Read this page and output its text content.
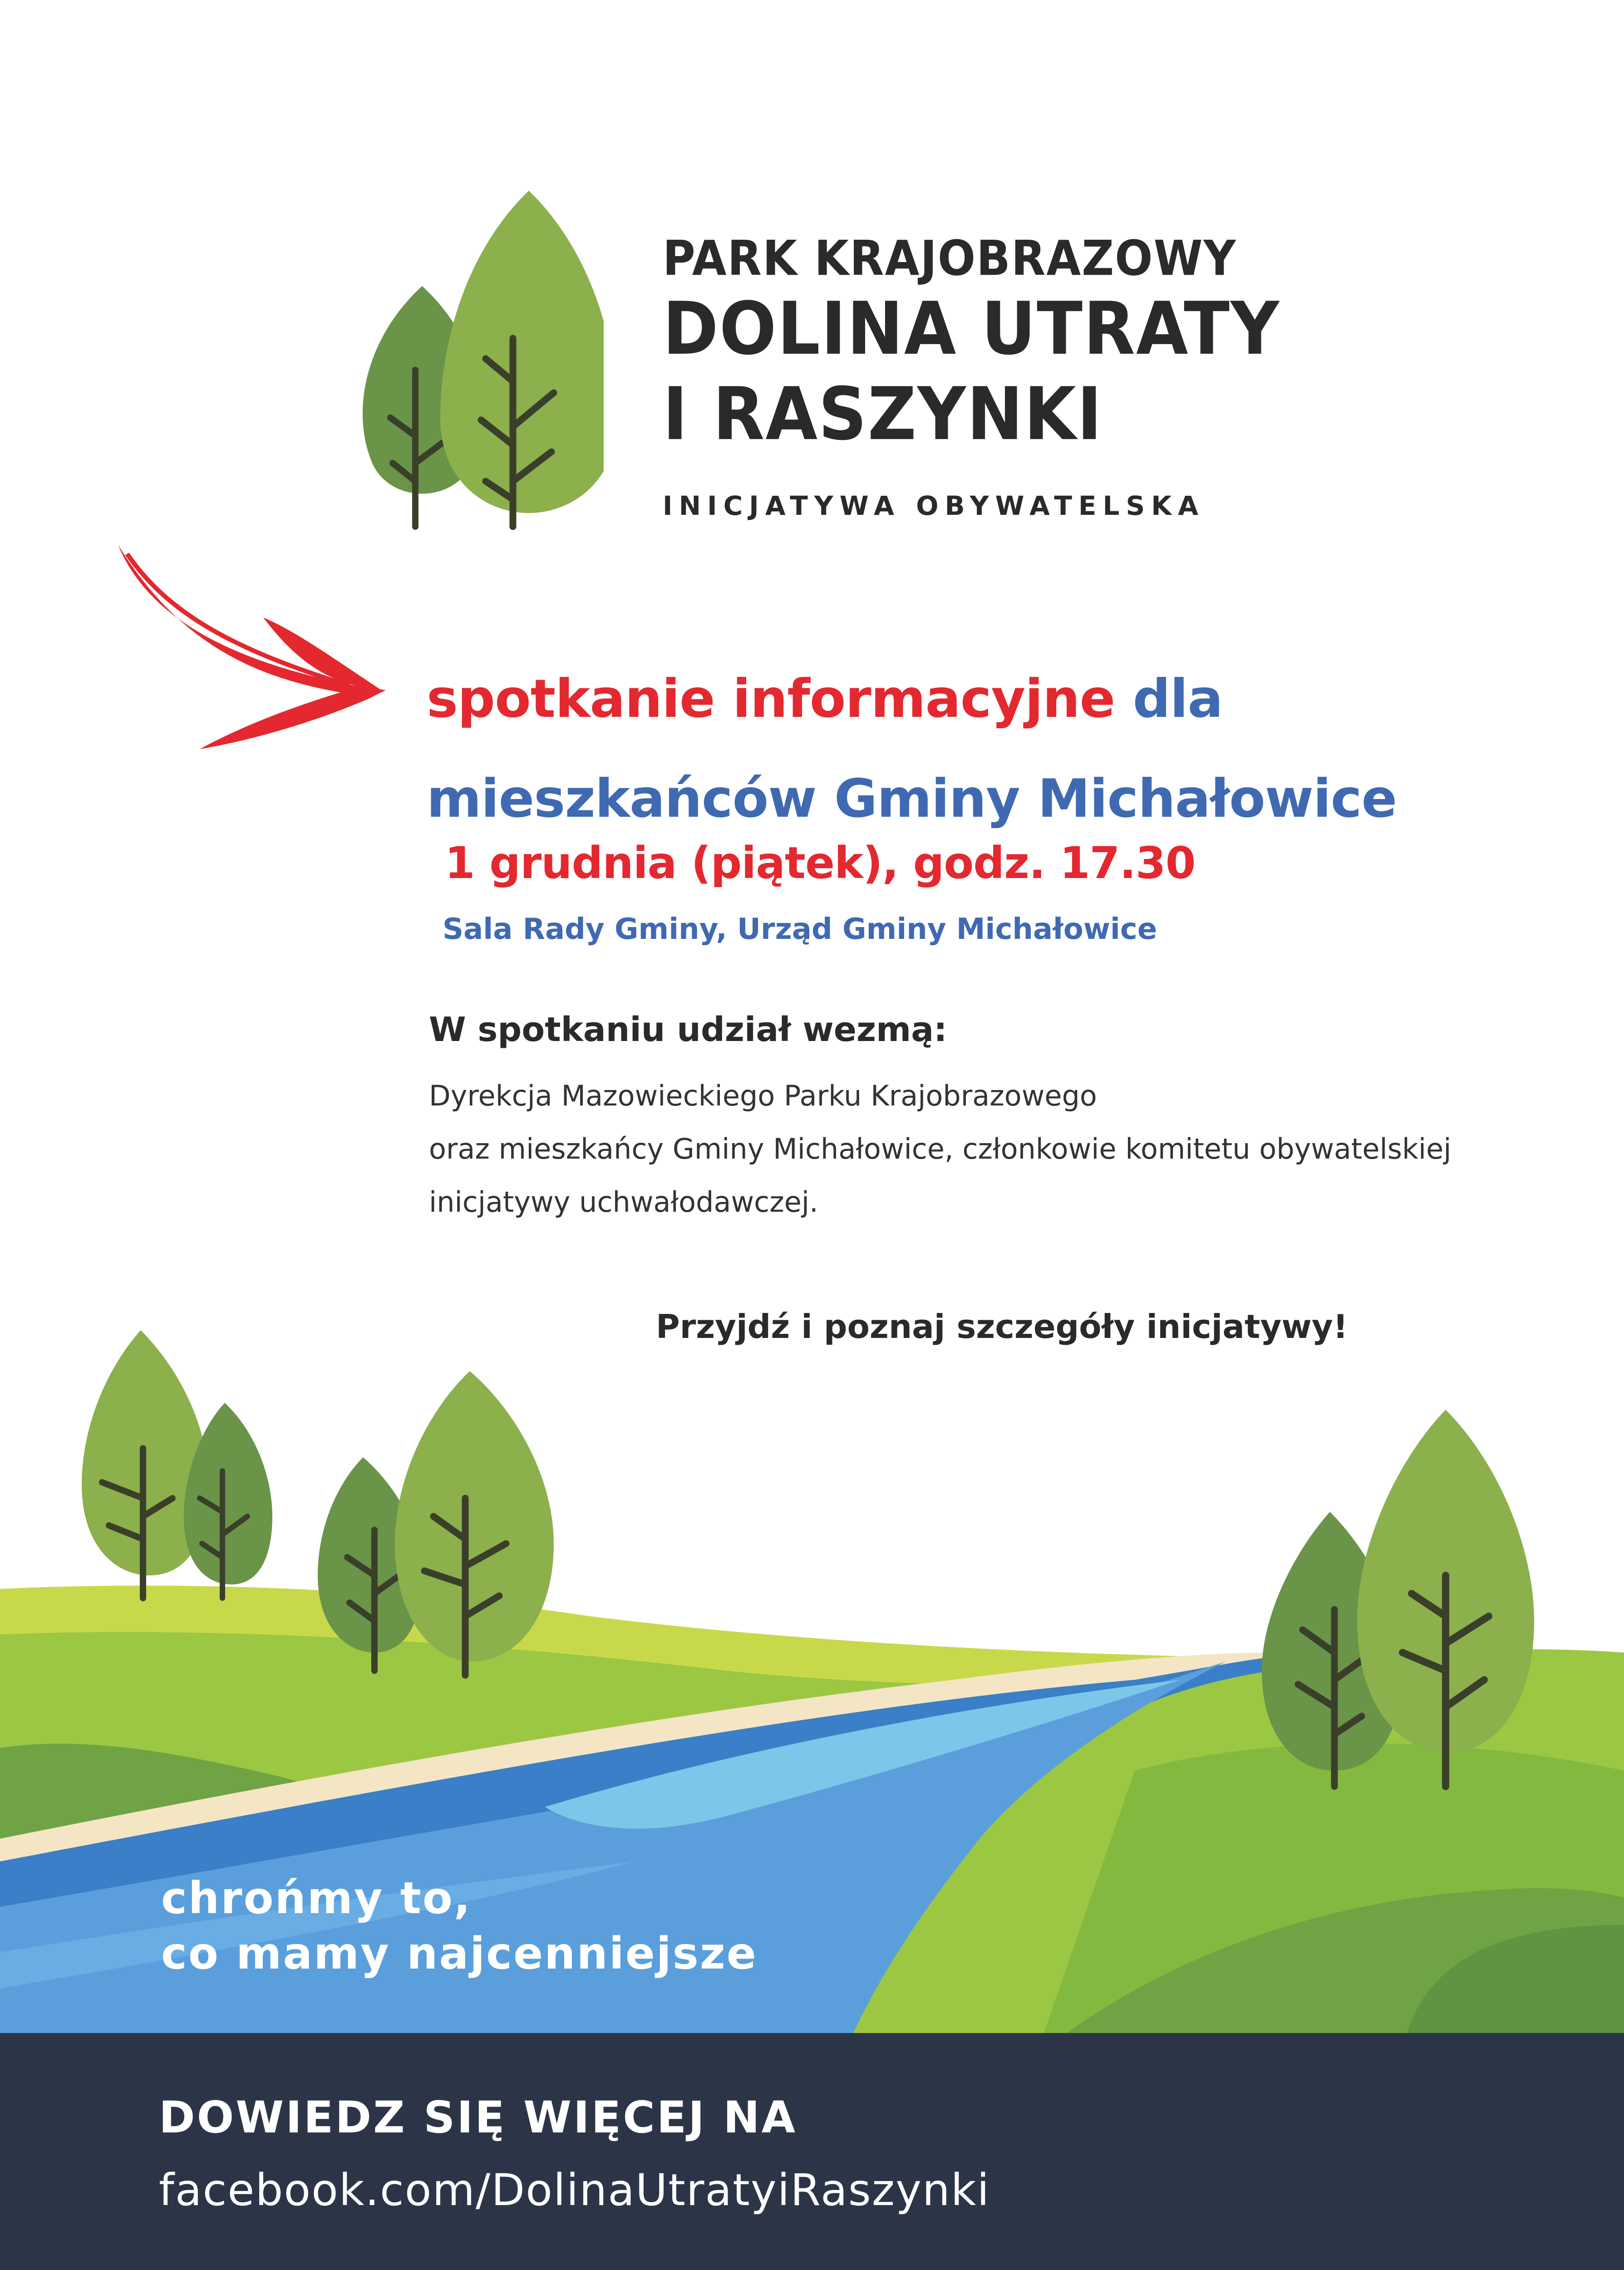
PARK KRAJOBRAZOWY
DOLINA UTRATY
I RASZYNKI
INICJATYWA OBYWATELSKA
spotkanie informacyjne dla
mieszkańców Gminy Michałowice
1 grudnia (piątek), godz. 17.30
Sala Rady Gminy, Urząd Gminy Michałowice
W spotkaniu udział wezmą:

Dyrekcja Mazowieckiego Parku Krajobrazowego

oraz mieszkańcy Gminy Michałowice, członkowie komitetu obywatelskiej inicjatywy uchwałodawczej.

Przyjdź i poznaj szczegóły inicjatywy!
chrońmy to,
co mamy najcenniejsze
DOWIEDZ SIĘ WIĘCEJ NA
facebook.com/DolinaUtratyiRaszynki
